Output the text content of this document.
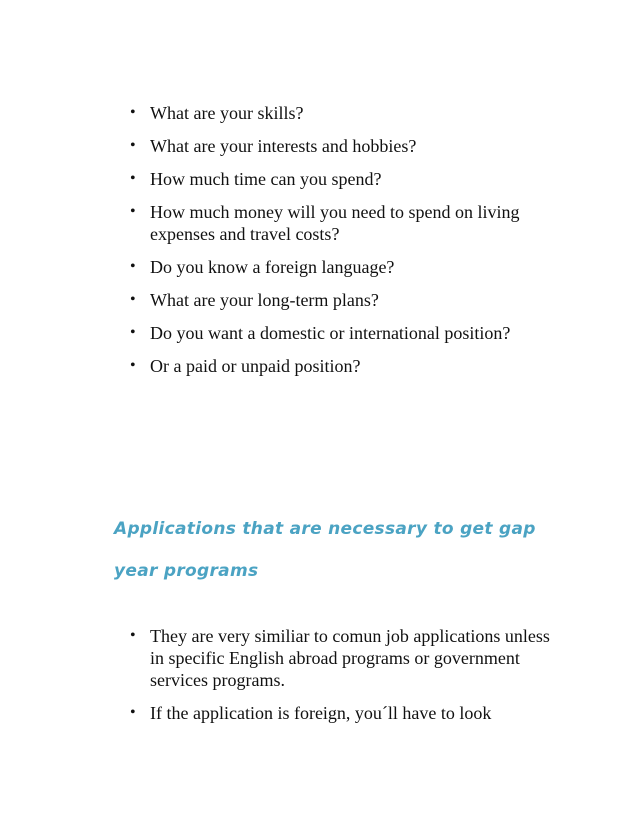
• What are your skills?
• What are your interests and hobbies?
• How much time can you spend?
• How much money will you need to spend on living expenses and travel costs?
• Do you know a foreign language?
• What are your long-term plans?
• Do you want a domestic or international position?
• Or a paid or unpaid position?
Applications that are necessary to get gap year programs
• They are very similiar to comun job applications unless in specific English abroad programs or government services programs.
• If the application is foreign, you´ll have to look
